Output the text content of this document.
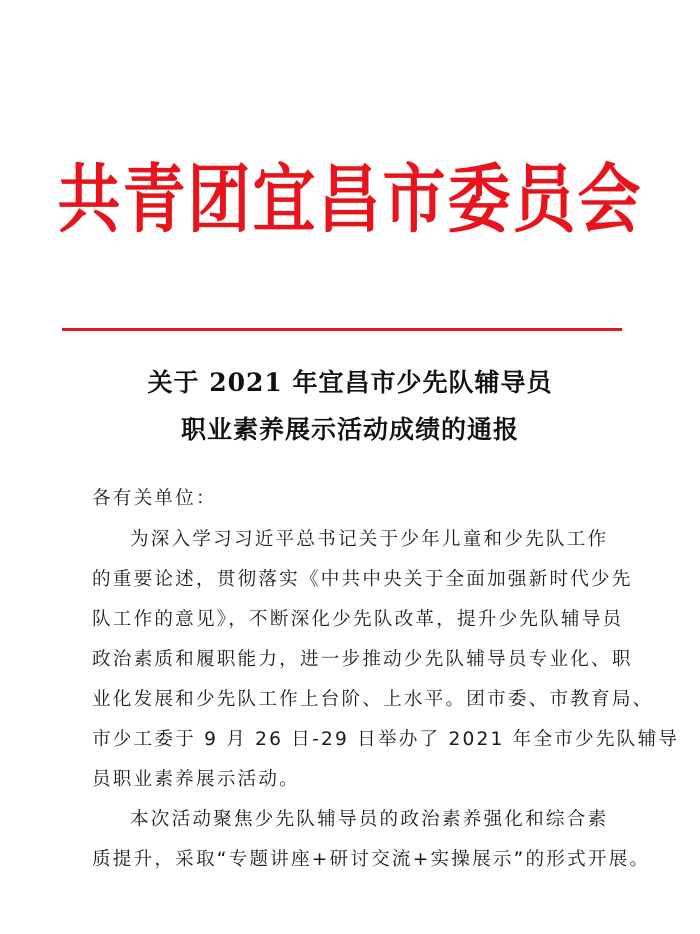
共青团宜昌市委员会
关于 2021 年宜昌市少先队辅导员
职业素养展示活动成绩的通报
各有关单位：
为深入学习习近平总书记关于少年儿童和少先队工作
的重要论述，贯彻落实《中共中央关于全面加强新时代少先
队工作的意见》，不断深化少先队改革，提升少先队辅导员
政治素质和履职能力，进一步推动少先队辅导员专业化、职
业化发展和少先队工作上台阶、上水平。团市委、市教育局、
市少工委于 9 月 26 日-29 日举办了 2021 年全市少先队辅导
员职业素养展示活动。
本次活动聚焦少先队辅导员的政治素养强化和综合素
质提升，采取“专题讲座+研讨交流+实操展示”的形式开展。
